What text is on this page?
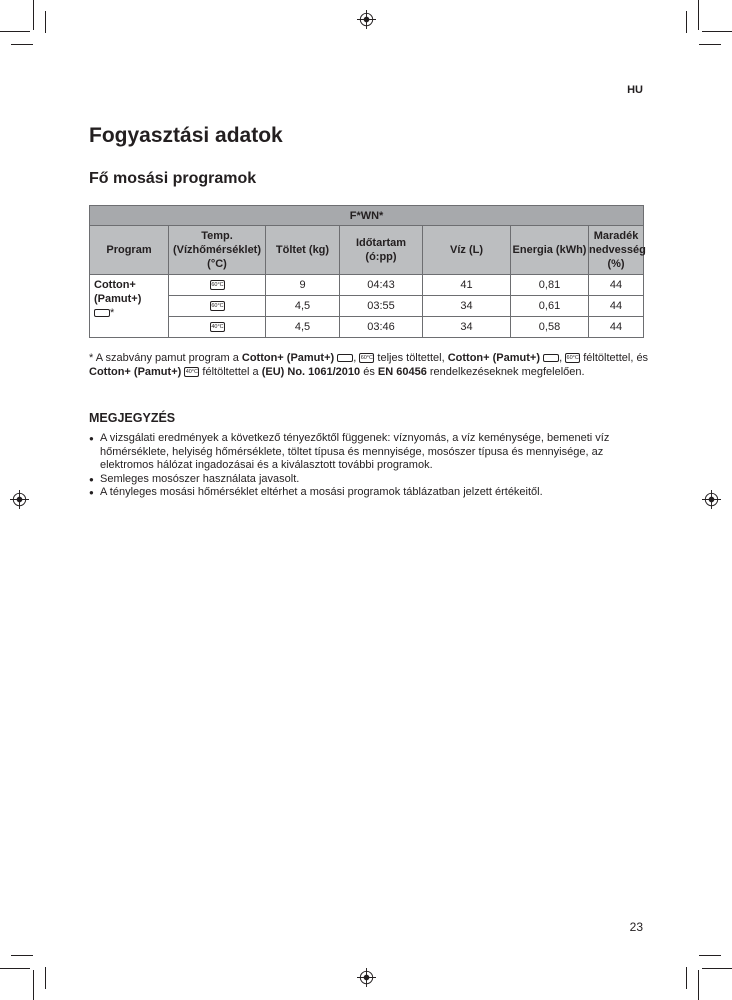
HU
Fogyasztási adatok
Fő mosási programok
F*WN*						
Program	Temp. (Vízhőmérséklet) (°C)	Töltet (kg)	Időtartam (ó:pp)	Víz (L)	Energia (kWh)	Maradék nedvesség (%)
Cotton+
(Pamut+)
*	60°C	9	04:43	41	0,81	44
	60°C	4,5	03:55	34	0,61	44
	40°C	4,5	03:46	34	0,58	44
* A szabvány pamut program a Cotton+ (Pamut+) , 60°C teljes töltettel, Cotton+ (Pamut+) , 60°C féltöltettel, és Cotton+ (Pamut+) 40°C féltöltettel a (EU) No. 1061/2010 és EN 60456 rendelkezéseknek megfelelően.
MEGJEGYZÉS
● A vizsgálati eredmények a következő tényezőktől függenek: víznyomás, a víz keménysége, bemeneti víz hőmérséklete, helyiség hőmérséklete, töltet típusa és mennyisége, mosószer típusa és mennyisége, az elektromos hálózat ingadozásai és a kiválasztott további programok.
● Semleges mosószer használata javasolt.
● A tényleges mosási hőmérséklet eltérhet a mosási programok táblázatban jelzett értékeitől.
23
